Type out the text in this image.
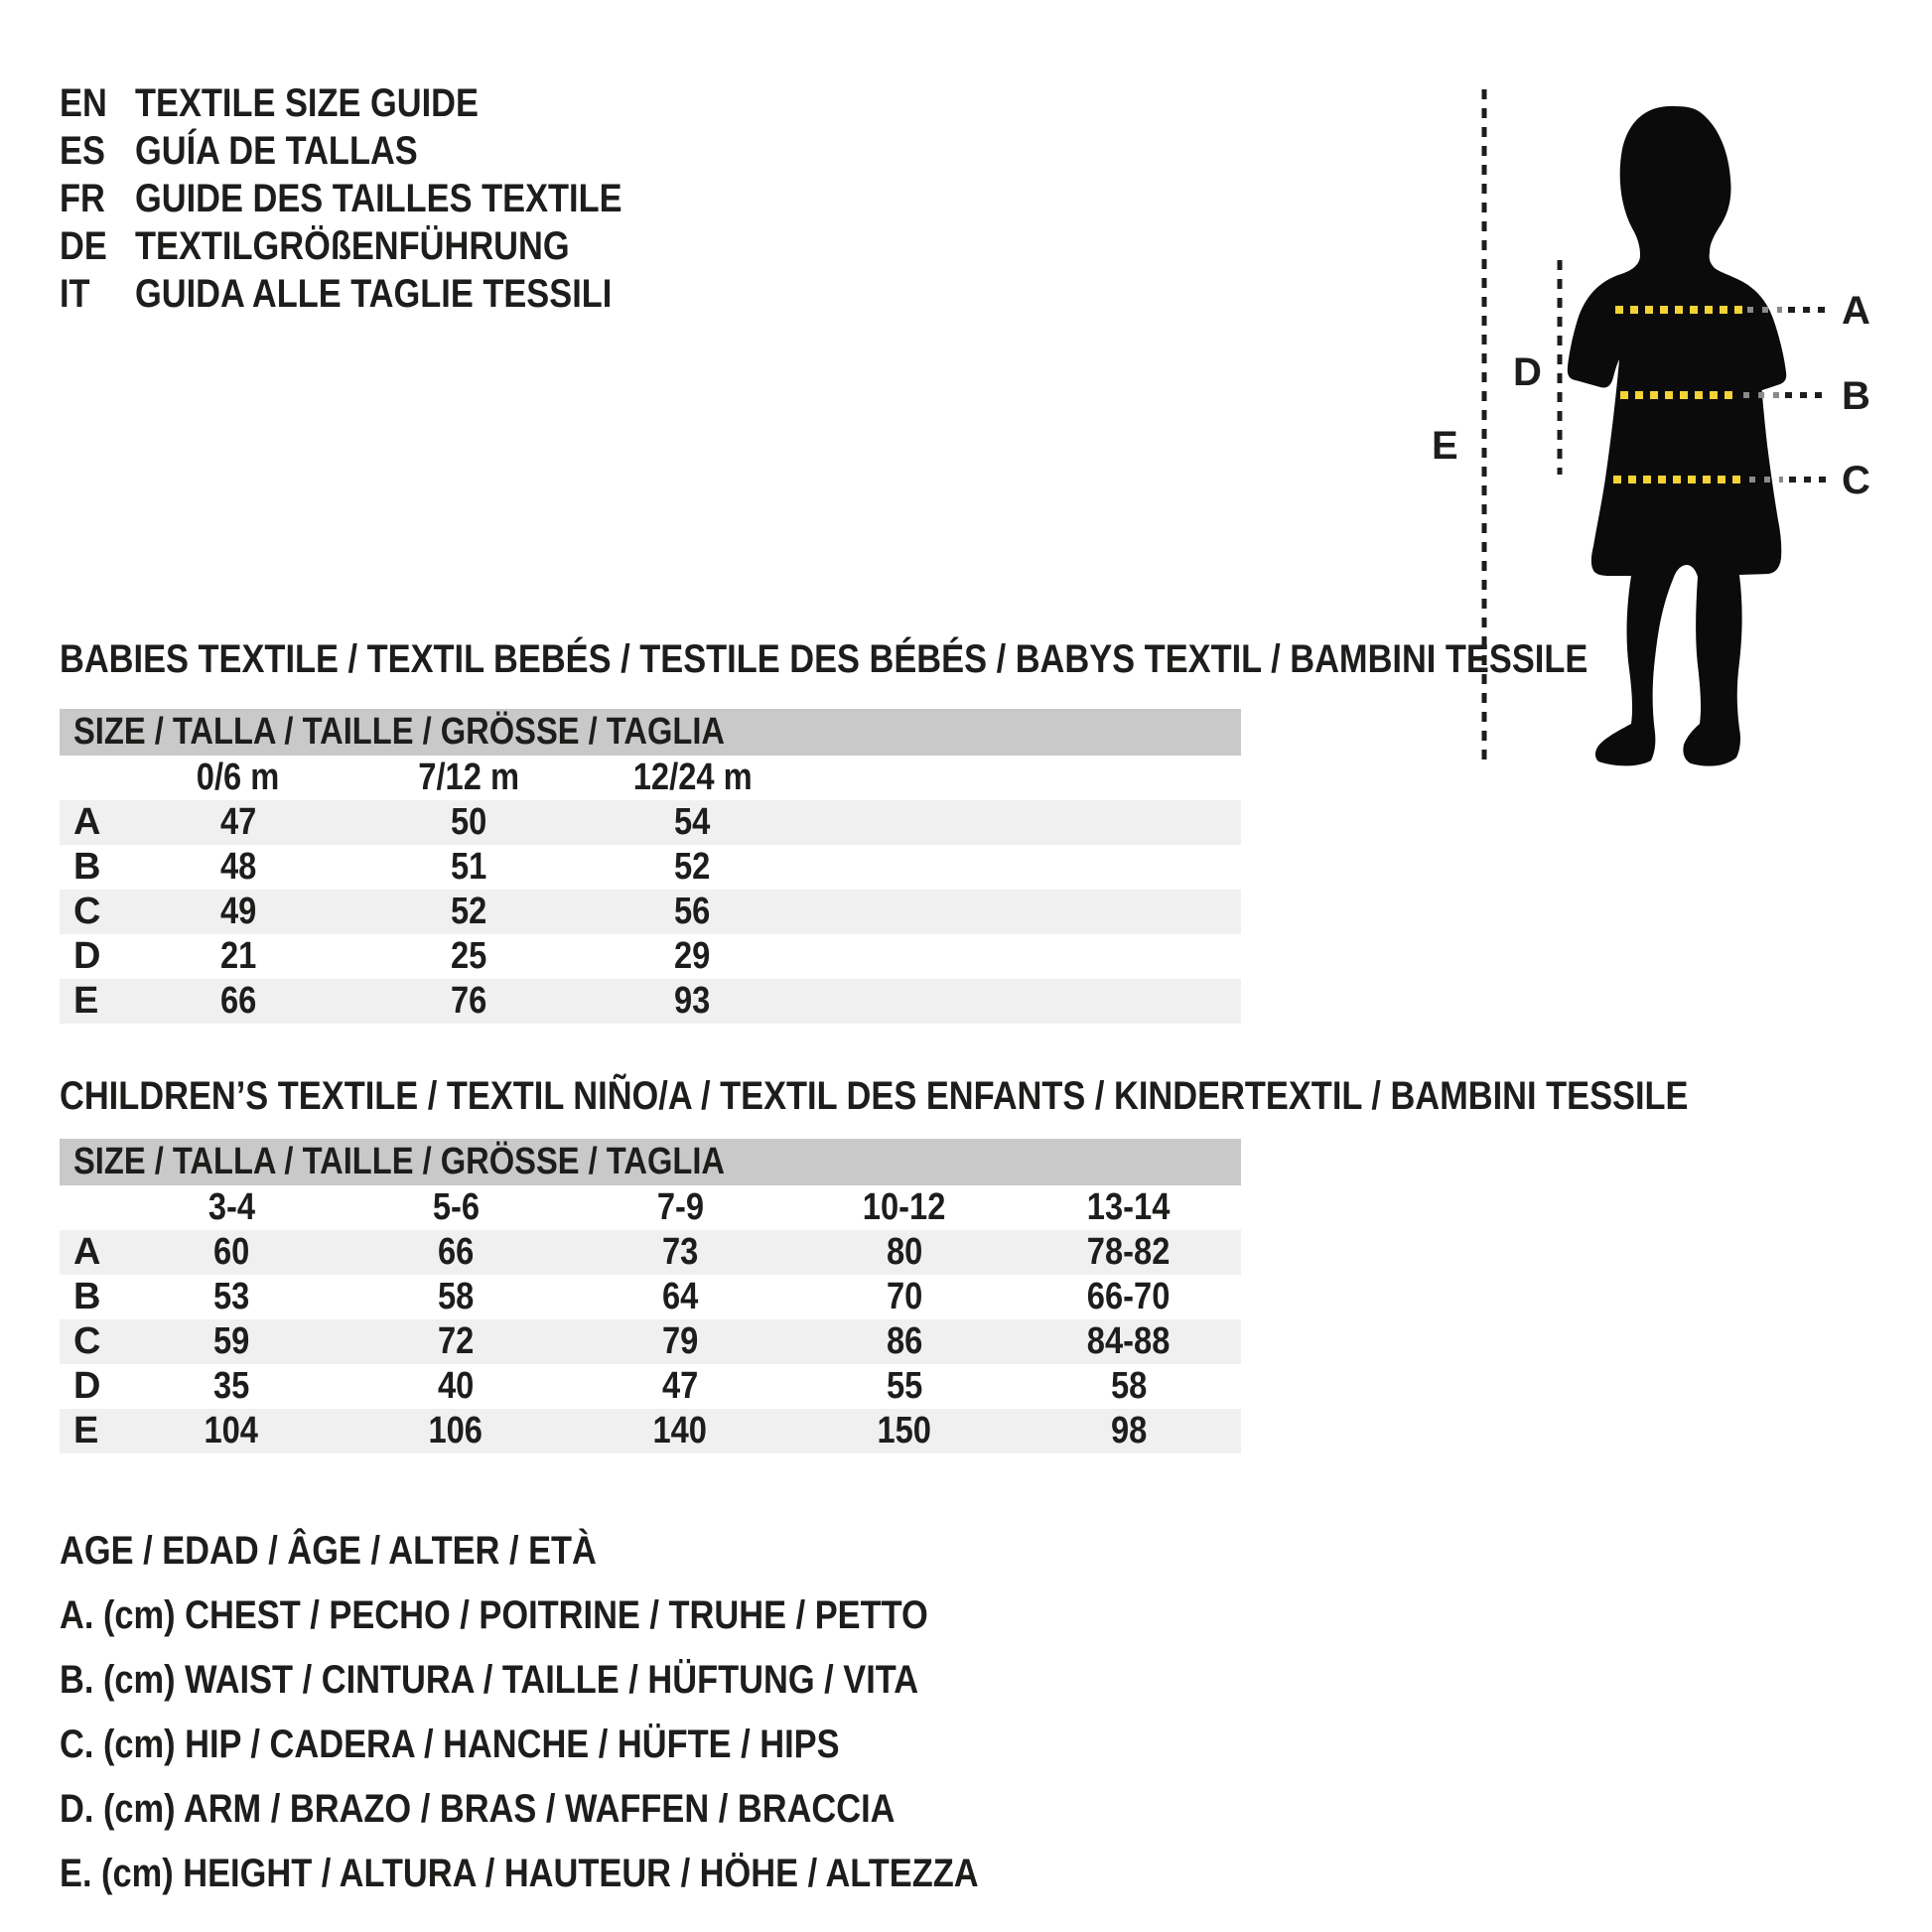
EN TEXTILE SIZE GUIDE
ES GUÍA DE TALLAS
FR GUIDE DES TAILLES TEXTILE
DE TEXTILGRÖßENFÜHRUNG
IT	GUIDA ALLE TAGLIE TESSILI	A
B
C
D
E
BABIES TEXTILE / TEXTIL BEBÉS / TESTILE DES BÉBÉS / BABYS TEXTIL / BAMBINI TESSILE
SIZE / TALLA / TAILLE / GRÖSSE / TAGLIA
0/6 m	7/12 m	12/24 m
A	47	50	54
B	48	51	52
C	49	52	56
D	21	25	29
E	66	76	93
CHILDREN’S TEXTILE / TEXTIL NIÑO/A / TEXTIL DES ENFANTS / KINDERTEXTIL / BAMBINI TESSILE
SIZE / TALLA / TAILLE / GRÖSSE / TAGLIA
3-4	5-6	7-9	10-12	13-14
A	60	66	73	80	78-82
B	53	58	64	70	66-70
C	59	72	79	86	84-88
D	35	40	47	55	58
E	104	106	140	150	98
AGE / EDAD / ÂGE / ALTER / ETÀ
A. (cm) CHEST / PECHO / POITRINE / TRUHE / PETTO
B. (cm) WAIST / CINTURA / TAILLE / HÜFTUNG / VITA
C. (cm) HIP / CADERA / HANCHE / HÜFTE / HIPS
D. (cm) ARM / BRAZO / BRAS / WAFFEN / BRACCIA
E. (cm) HEIGHT / ALTURA / HAUTEUR / HÖHE / ALTEZZA
